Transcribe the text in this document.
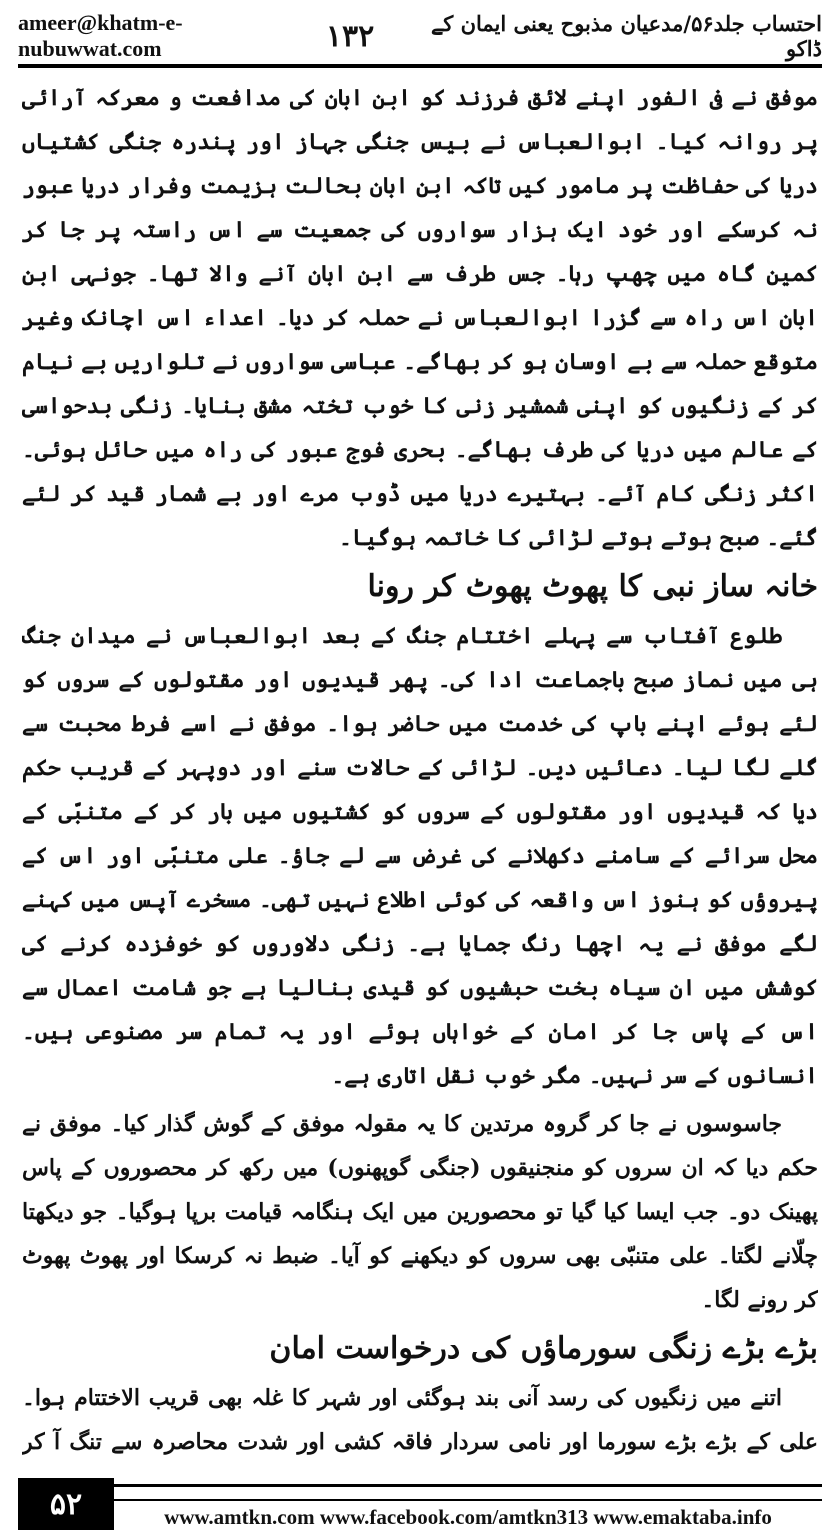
ameer@khatm-e-nubuwwat.com	۱۳۲	احتساب جلد۵۶/مدعیان مذبوح یعنی ایمان کے ڈاکو

موفق نے فی الفور اپنے لائق فرزند کو ابن ابان کی مدافعت و معرکہ آرائی پر روانہ کیا۔ ابوالعباس نے بیس جنگی جہاز اور پندرہ جنگی کشتیاں دریا کی حفاظت پر مامور کیں تاکہ ابن ابان بحالت ہزیمت وفرار دریا عبور نہ کرسکے اور خود ایک ہزار سواروں کی جمعیت سے اس راستہ پر جا کر کمین گاہ میں چھپ رہا۔ جس طرف سے ابن ابان آنے والا تھا۔ جونہی ابن ابان اس راہ سے گزرا ابوالعباس نے حملہ کر دیا۔ اعداء اس اچانک وغیر متوقع حملہ سے بے اوسان ہو کر بھاگے۔ عباسی سواروں نے تلواریں بے نیام کر کے زنگیوں کو اپنی شمشیر زنی کا خوب تختہ مشق بنایا۔ زنگی بدحواسی کے عالم میں دریا کی طرف بھاگے۔ بحری فوج عبور کی راہ میں حائل ہوئی۔ اکثر زنگی کام آئے۔ بہتیرے دریا میں ڈوب مرے اور بے شمار قید کر لئے گئے۔ صبح ہوتے ہوتے لڑائی کا خاتمہ ہوگیا۔

خانہ ساز نبی کا پھوٹ پھوٹ کر رونا

طلوع آفتاب سے پہلے اختتام جنگ کے بعد ابوالعباس نے میدان جنگ ہی میں نماز صبح باجماعت ادا کی۔ پھر قیدیوں اور مقتولوں کے سروں کو لئے ہوئے اپنے باپ کی خدمت میں حاضر ہوا۔ موفق نے اسے فرط محبت سے گلے لگا لیا۔ دعائیں دیں۔ لڑائی کے حالات سنے اور دوپہر کے قریب حکم دیا کہ قیدیوں اور مقتولوں کے سروں کو کشتیوں میں بار کر کے متنبّی کے محل سرائے کے سامنے دکھلانے کی غرض سے لے جاؤ۔ علی متنبّی اور اس کے پیروؤں کو ہنوز اس واقعہ کی کوئی اطلاع نہیں تھی۔ مسخرے آپس میں کہنے لگے موفق نے یہ اچھا رنگ جمایا ہے۔ زنگی دلاوروں کو خوفزدہ کرنے کی کوشش میں ان سیاہ بخت حبشیوں کو قیدی بنالیا ہے جو شامت اعمال سے اس کے پاس جا کر امان کے خواہاں ہوئے اور یہ تمام سر مصنوعی ہیں۔ انسانوں کے سر نہیں۔ مگر خوب نقل اتاری ہے۔

جاسوسوں نے جا کر گروہ مرتدین کا یہ مقولہ موفق کے گوش گذار کیا۔ موفق نے حکم دیا کہ ان سروں کو منجنیقوں (جنگی گوپھنوں) میں رکھ کر محصوروں کے پاس پھینک دو۔ جب ایسا کیا گیا تو محصورین میں ایک ہنگامہ قیامت برپا ہوگیا۔ جو دیکھتا چلّانے لگتا۔ علی متنبّی بھی سروں کو دیکھنے کو آیا۔ ضبط نہ کرسکا اور پھوٹ پھوٹ کر رونے لگا۔

بڑے بڑے زنگی سورماؤں کی درخواست امان

اتنے میں زنگیوں کی رسد آنی بند ہوگئی اور شہر کا غلہ بھی قریب الاختتام ہوا۔ علی کے بڑے بڑے سورما اور نامی سردار فاقہ کشی اور شدت محاصرہ سے تنگ آ کر

۵۲	www.amtkn.com www.facebook.com/amtkn313 www.emaktaba.info
